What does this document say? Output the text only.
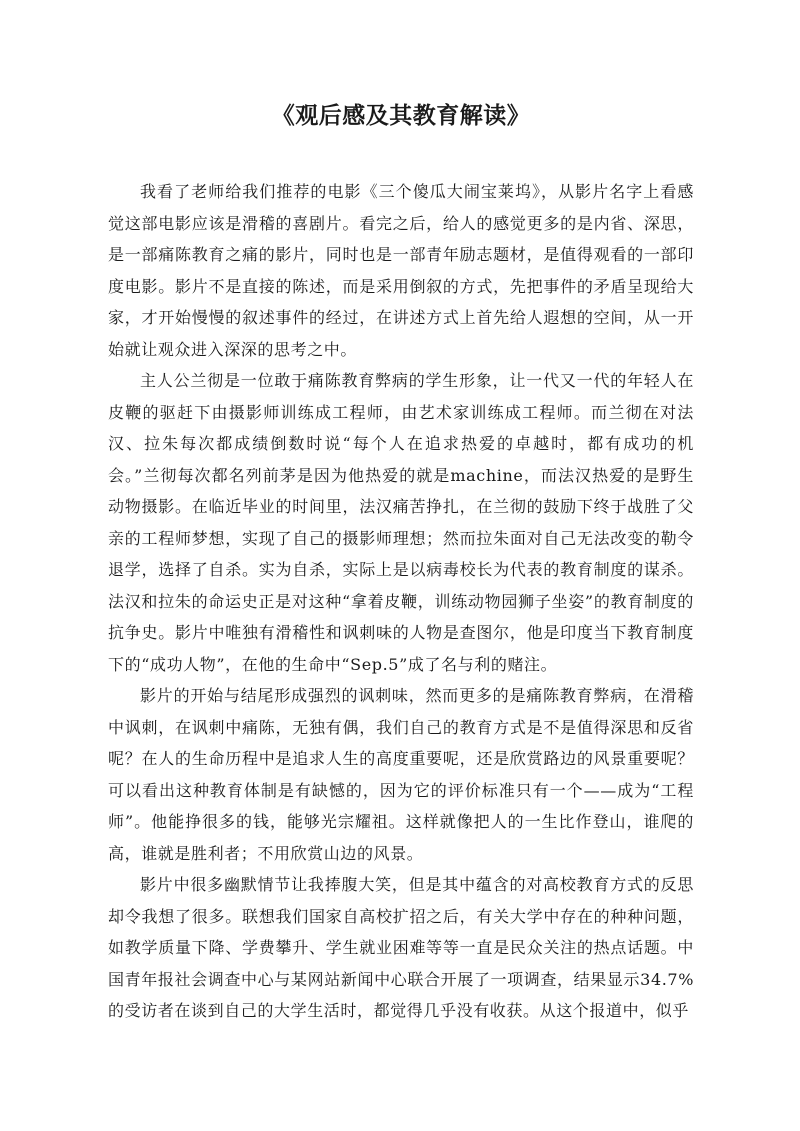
《观后感及其教育解读》

我看了老师给我们推荐的电影《三个傻瓜大闹宝莱坞》，从影片名字上看感觉这部电影应该是滑稽的喜剧片。看完之后，给人的感觉更多的是内省、深思，是一部痛陈教育之痛的影片，同时也是一部青年励志题材，是值得观看的一部印度电影。影片不是直接的陈述，而是采用倒叙的方式，先把事件的矛盾呈现给大家，才开始慢慢的叙述事件的经过，在讲述方式上首先给人遐想的空间，从一开始就让观众进入深深的思考之中。

主人公兰彻是一位敢于痛陈教育弊病的学生形象，让一代又一代的年轻人在皮鞭的驱赶下由摄影师训练成工程师，由艺术家训练成工程师。而兰彻在对法汉、拉朱每次都成绩倒数时说“每个人在追求热爱的卓越时，都有成功的机会。”兰彻每次都名列前茅是因为他热爱的就是machine，而法汉热爱的是野生动物摄影。在临近毕业的时间里，法汉痛苦挣扎，在兰彻的鼓励下终于战胜了父亲的工程师梦想，实现了自己的摄影师理想；然而拉朱面对自己无法改变的勒令退学，选择了自杀。实为自杀，实际上是以病毒校长为代表的教育制度的谋杀。法汉和拉朱的命运史正是对这种“拿着皮鞭，训练动物园狮子坐姿”的教育制度的抗争史。影片中唯独有滑稽性和讽刺味的人物是查图尔，他是印度当下教育制度下的“成功人物”，在他的生命中“Sep.5”成了名与利的赌注。

影片的开始与结尾形成强烈的讽刺味，然而更多的是痛陈教育弊病，在滑稽中讽刺，在讽刺中痛陈，无独有偶，我们自己的教育方式是不是值得深思和反省呢？在人的生命历程中是追求人生的高度重要呢，还是欣赏路边的风景重要呢？可以看出这种教育体制是有缺憾的，因为它的评价标准只有一个——成为“工程师”。他能挣很多的钱，能够光宗耀祖。这样就像把人的一生比作登山，谁爬的高，谁就是胜利者；不用欣赏山边的风景。

影片中很多幽默情节让我捧腹大笑，但是其中蕴含的对高校教育方式的反思却令我想了很多。联想我们国家自高校扩招之后，有关大学中存在的种种问题，如教学质量下降、学费攀升、学生就业困难等等一直是民众关注的热点话题。中国青年报社会调查中心与某网站新闻中心联合开展了一项调查，结果显示34.7%的受访者在谈到自己的大学生活时，都觉得几乎没有收获。从这个报道中，似乎
